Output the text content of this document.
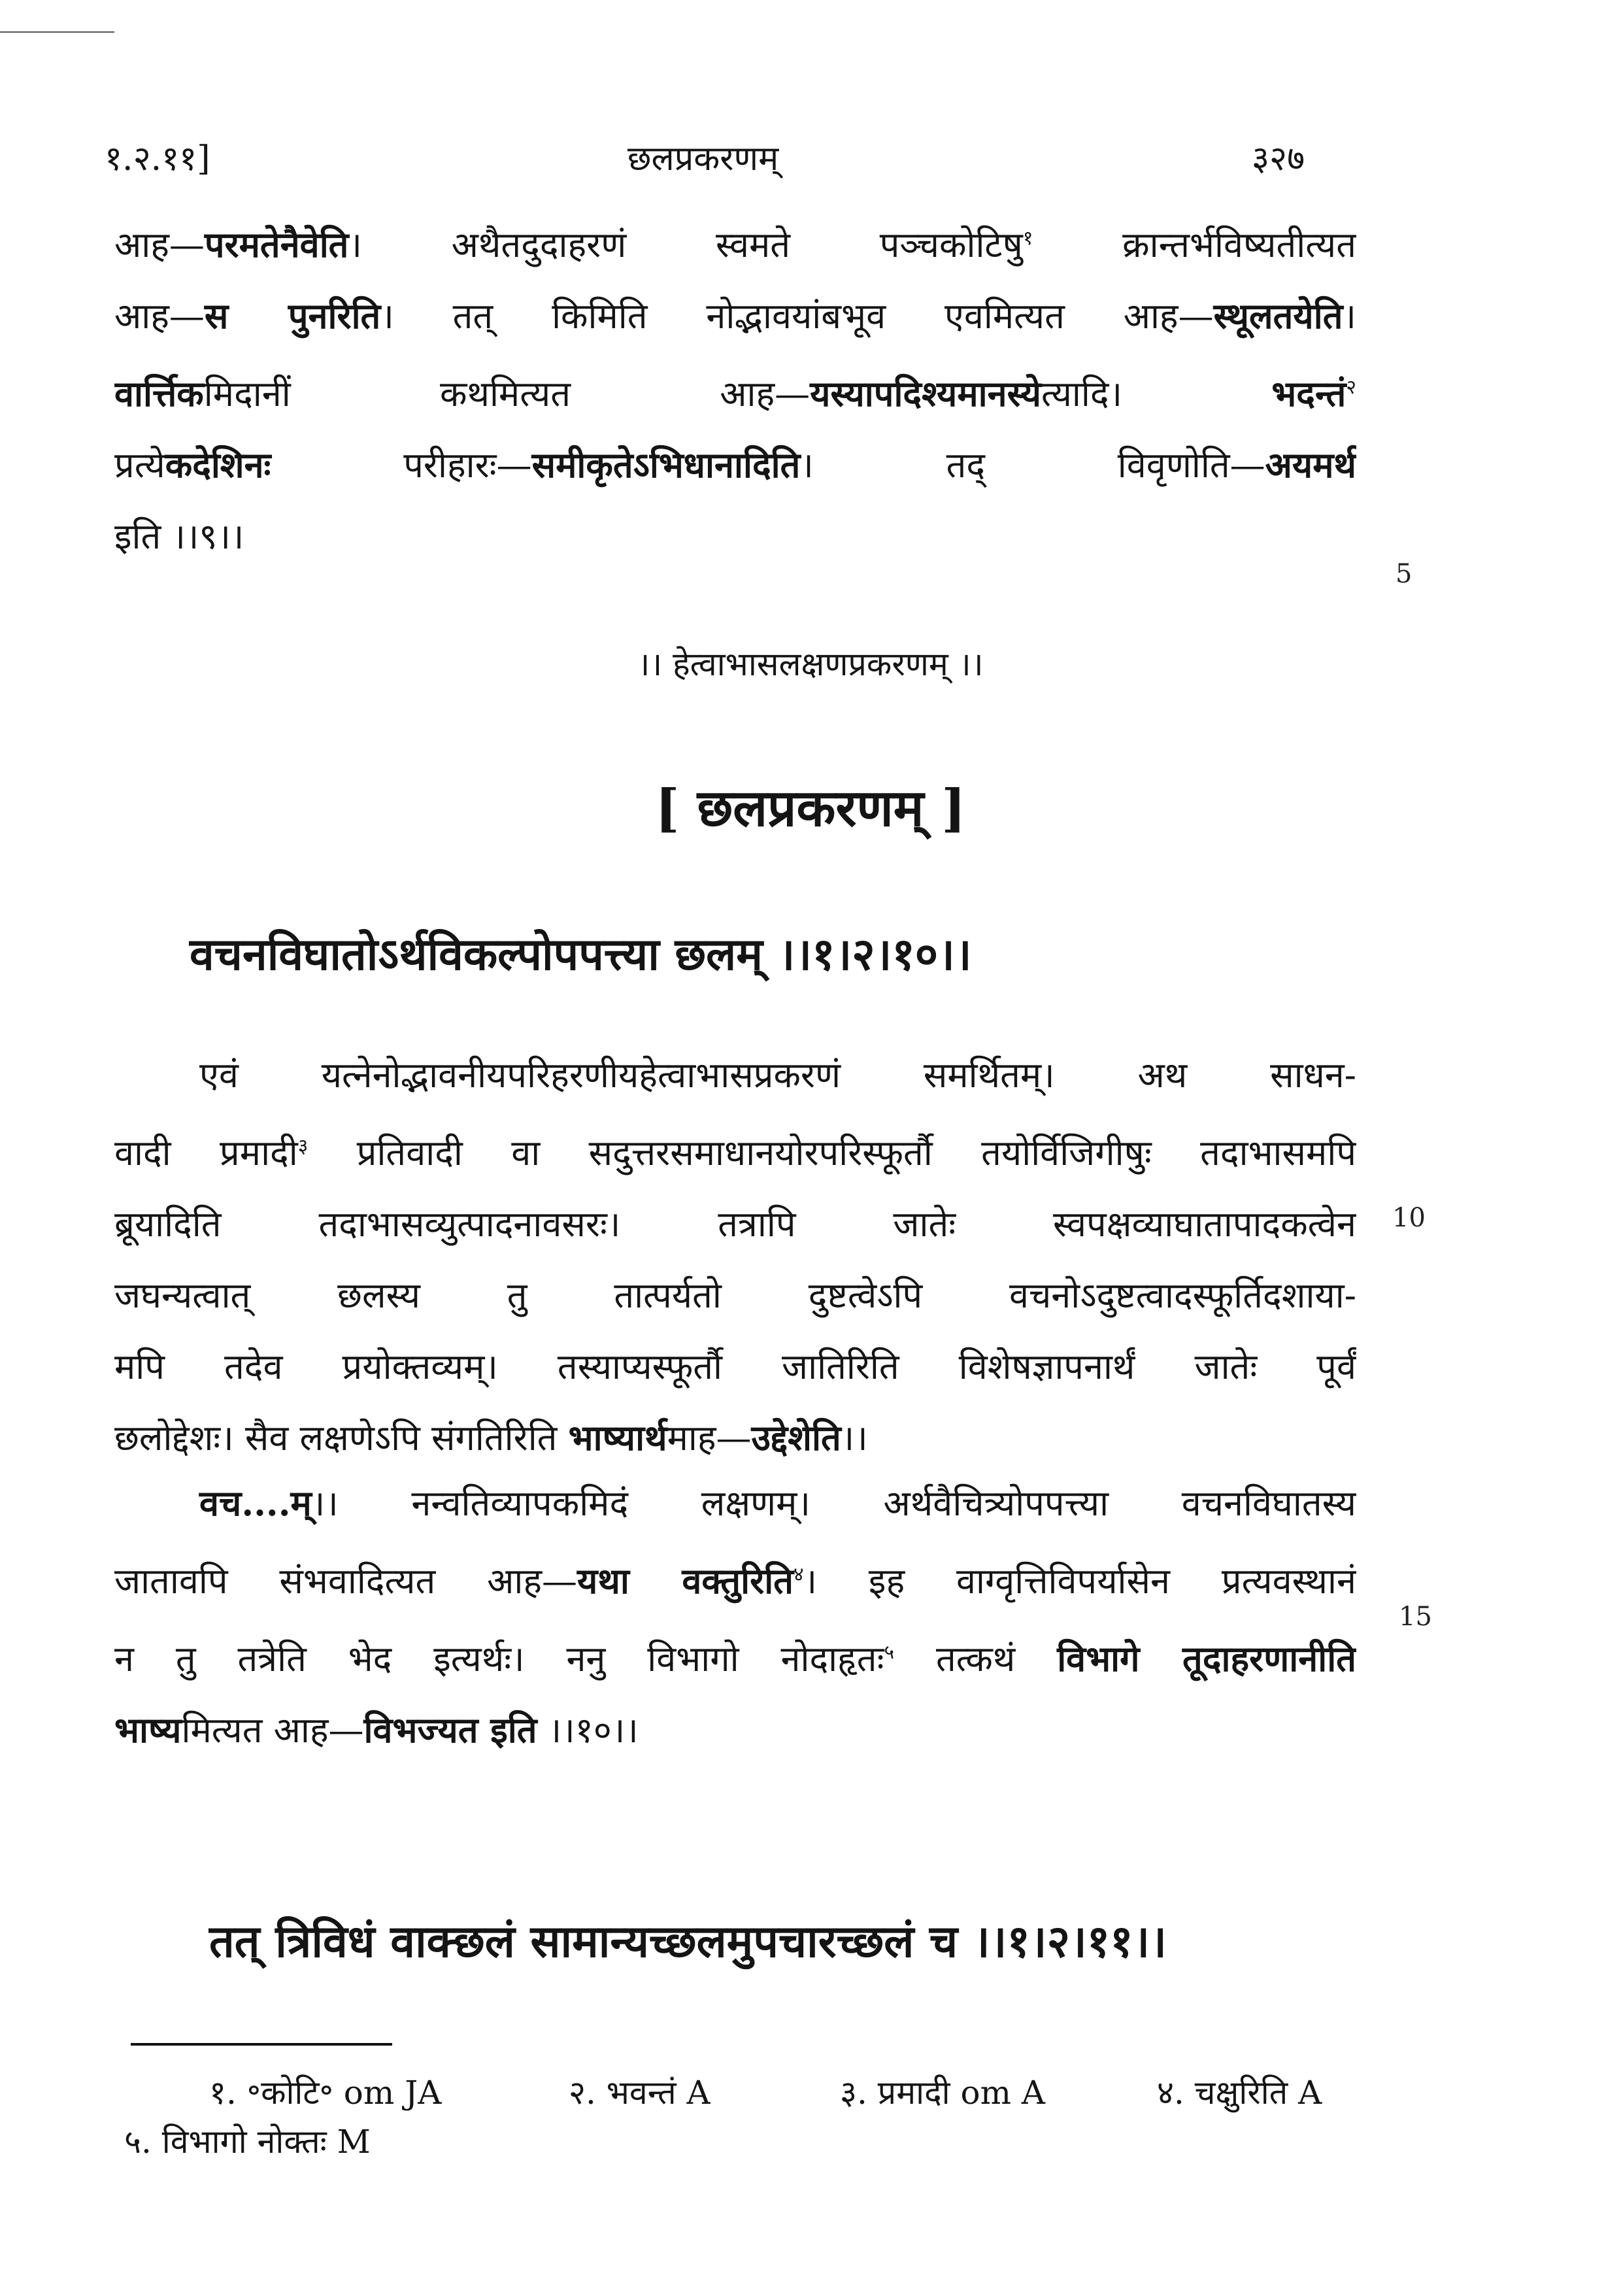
१.२.११]	छलप्रकरणम्	३२७
आह—परमतेनैवेति। अथैतदुदाहरणं स्वमते पञ्चकोटिषु$^१$ क्रान्तर्भविष्यतीत्यत
आह—स पुनरिति। तत् किमिति नोद्भावयांबभूव एवमित्यत आह—स्थूलतयेति।
वार्त्तिकमिदानीं कथमित्यत आह—यस्यापदिश्यमानस्येत्यादि। भदन्तं$^२$
प्रत्येकदेशिनः परीहारः—समीकृतेऽभिधानादिति। तद् विवृणोति—अयमर्थ
इति ।।९।।
5
।। हेत्वाभासलक्षणप्रकरणम् ।।
[ छलप्रकरणम् ]
वचनविघातोऽर्थविकल्पोपपत्त्या छलम् ।।१।२।१०।।
एवं यत्नेनोद्भावनीयपरिहरणीयहेत्वाभासप्रकरणं समर्थितम्। अथ साधन-
वादी प्रमादी$^३$ प्रतिवादी वा सदुत्तरसमाधानयोरपरिस्फूर्तौ तयोर्विजिगीषुः तदाभासमपि
ब्रूयादिति तदाभासव्युत्पादनावसरः। तत्रापि जातेः स्वपक्षव्याघातापादकत्वेन
जघन्यत्वात् छलस्य तु तात्पर्यतो दुष्टत्वेऽपि वचनोऽदुष्टत्वादस्फूर्तिदशाया-
मपि तदेव प्रयोक्तव्यम्। तस्याप्यस्फूर्तौ जातिरिति विशेषज्ञापनार्थं जातेः पूर्वं
छलोद्देशः। सैव लक्षणेऽपि संगतिरिति भाष्यार्थमाह—उद्देशेति।।
10
वच....म्।। नन्वतिव्यापकमिदं लक्षणम्। अर्थवैचित्र्योपपत्त्या वचनविघातस्य
जातावपि संभवादित्यत आह—यथा वक्तुरिति$^४$। इह वाग्वृत्तिविपर्यासेन प्रत्यवस्थानं
न तु तत्रेति भेद इत्यर्थः। ननु विभागो नोदाहृतः$^५$ तत्कथं विभागे तूदाहरणानीति
भाष्यमित्यत आह—विभज्यत इति ।।१०।।
15
तत् त्रिविधं वाक्छलं सामान्यच्छलमुपचारच्छलं च ।।१।२।११।।
१. ॰कोटि॰ om JA	२. भवन्तं A	३. प्रमादी om A	४. चक्षुरिति A
५. विभागो नोक्तः M
